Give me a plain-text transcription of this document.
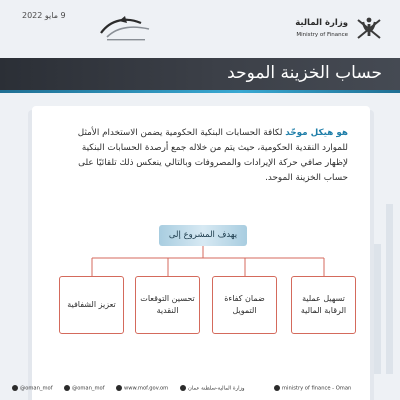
9 مايو 2022
وزارة المالية
Ministry of Finance
حساب الخزينة الموحد
هو هيكل موحّد لكافة الحسابات البنكية الحكومية يضمن الاستخدام الأمثل للموارد النقدية الحكومية، حيث يتم من خلاله جمع أرصدة الحسابات البنكية لإظهار صافي حركة الإيرادات والمصروفات وبالتالي ينعكس ذلك تلقائيًا على حساب الخزينة الموحد.
يهدف المشروع إلى
تسهيل عملية الرقابة المالية
ضمان كفاءة التمويل
تحسين التوقعات النقدية
تعزيز الشفافية
@oman_mof	@oman_mof	www.mof.gov.om	وزارة المالية-سلطنة عمان	ministry of finance - Oman
